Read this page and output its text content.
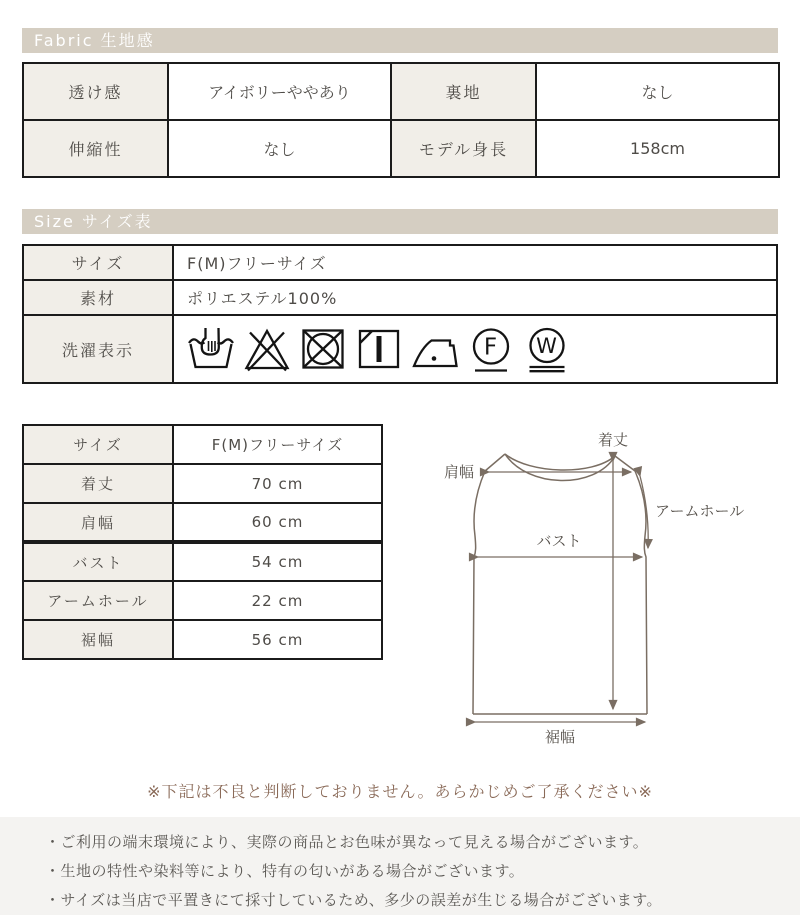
Fabric 生地感
透け感	アイボリーややあり	裏地	なし
伸縮性	なし	モデル身長	158cm
Size サイズ表
サイズ	F(M)フリーサイズ
素材	ポリエステル100%
洗濯表示	F W
サイズ	F(M)フリーサイズ
着丈	70 cm
肩幅	60 cm
バスト	54 cm
アームホール	22 cm
裾幅	56 cm
着丈
肩幅
アームホール
バスト
裾幅
※下記は不良と判断しておりません。あらかじめご了承ください※
・ご利用の端末環境により、実際の商品とお色味が異なって見える場合がございます。
・生地の特性や染料等により、特有の匂いがある場合がございます。
・サイズは当店で平置きにて採寸しているため、多少の誤差が生じる場合がございます。
